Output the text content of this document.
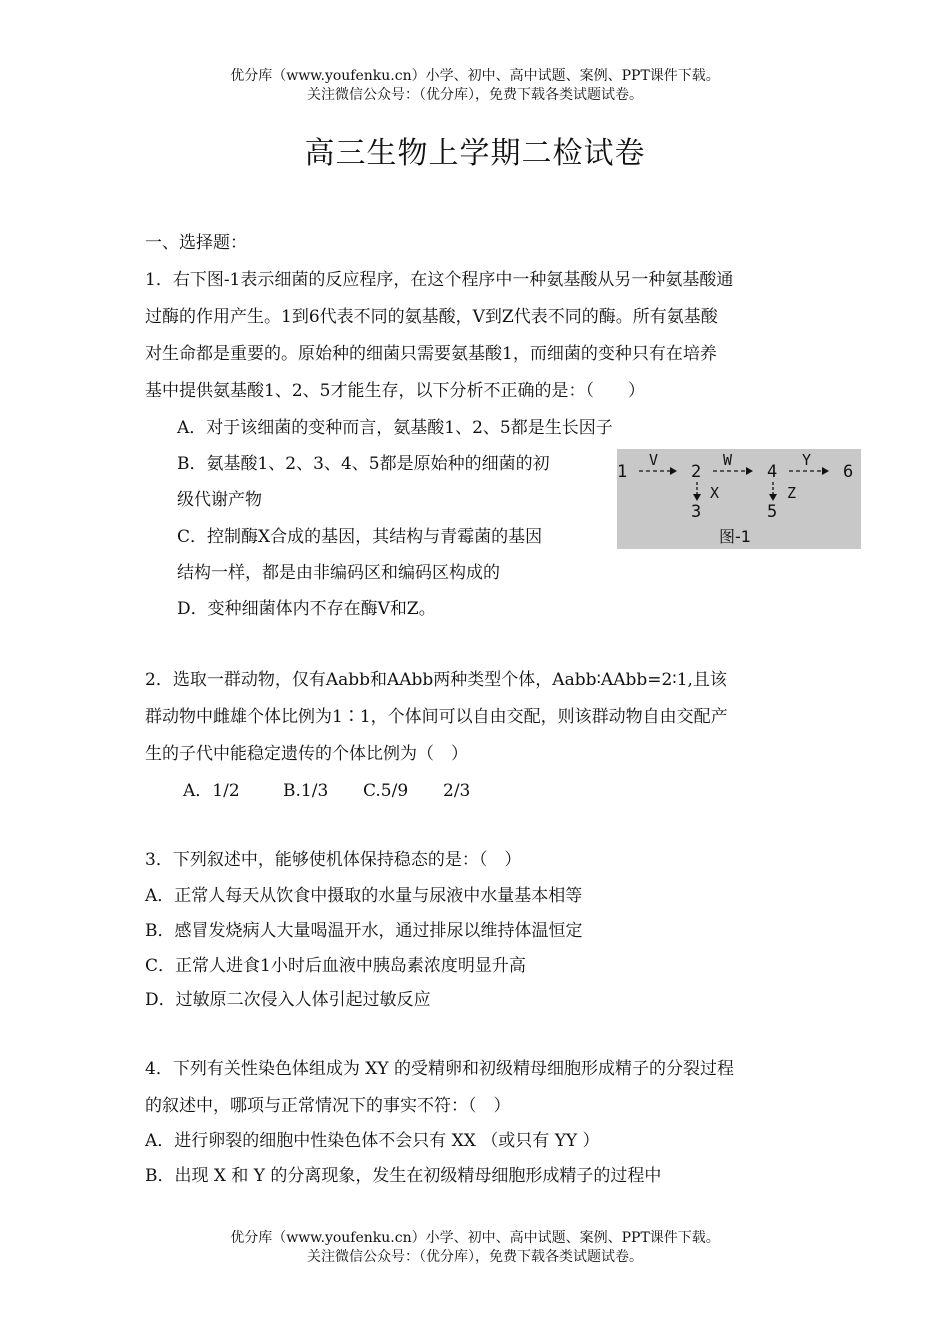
优分库（www.youfenku.cn）小学、初中、高中试题、案例、PPT课件下载。
关注微信公众号：（优分库），免费下载各类试题试卷。
高三生物上学期二检试卷
一、选择题：
1．右下图-1表示细菌的反应程序，在这个程序中一种氨基酸从另一种氨基酸通
过酶的作用产生。1到6代表不同的氨基酸，V到Z代表不同的酶。所有氨基酸
对生命都是重要的。原始种的细菌只需要氨基酸1，而细菌的变种只有在培养
基中提供氨基酸1、2、5才能生存，以下分析不正确的是：（　　）
A．对于该细菌的变种而言，氨基酸1、2、5都是生长因子
B．氨基酸1、2、3、4、5都是原始种的细菌的初
级代谢产物
C．控制酶X合成的基因，其结构与青霉菌的基因
结构一样，都是由非编码区和编码区构成的
D．变种细菌体内不存在酶V和Z。
1	2	4	6
V	W	Y
X	Z
3	5
图-1
2．选取一群动物，仅有Aabb和AAbb两种类型个体，Aabb∶AAbb=2∶1,且该
群动物中雌雄个体比例为1∶1，个体间可以自由交配，则该群动物自由交配产
生的子代中能稳定遗传的个体比例为（　）
A．1/2	B.1/3 C.5/9 2/3
3．下列叙述中，能够使机体保持稳态的是：（　）
A．正常人每天从饮食中摄取的水量与尿液中水量基本相等
B．感冒发烧病人大量喝温开水，通过排尿以维持体温恒定
C．正常人进食1小时后血液中胰岛素浓度明显升高
D．过敏原二次侵入人体引起过敏反应
4．下列有关性染色体组成为 XY 的受精卵和初级精母细胞形成精子的分裂过程
的叙述中，哪项与正常情况下的事实不符：（　）
A．进行卵裂的细胞中性染色体不会只有 XX （或只有 YY ）
B．出现 X 和 Y 的分离现象，发生在初级精母细胞形成精子的过程中
优分库（www.youfenku.cn）小学、初中、高中试题、案例、PPT课件下载。
关注微信公众号：（优分库），免费下载各类试题试卷。
